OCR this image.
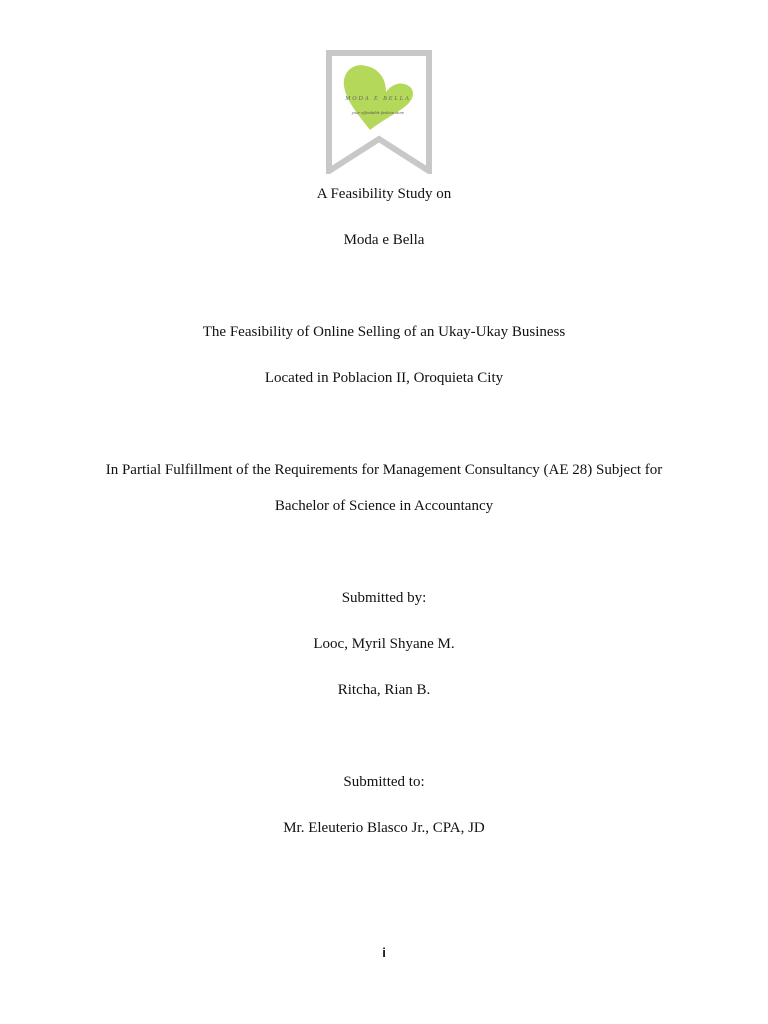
MODA E BELLA
your affordable fashion store
A Feasibility Study on
Moda e Bella
The Feasibility of Online Selling of an Ukay-Ukay Business
Located in Poblacion II, Oroquieta City
In Partial Fulfillment of the Requirements for Management Consultancy (AE 28) Subject for
Bachelor of Science in Accountancy
Submitted by:
Looc, Myril Shyane M.
Ritcha, Rian B.
Submitted to:
Mr. Eleuterio Blasco Jr., CPA, JD
i
